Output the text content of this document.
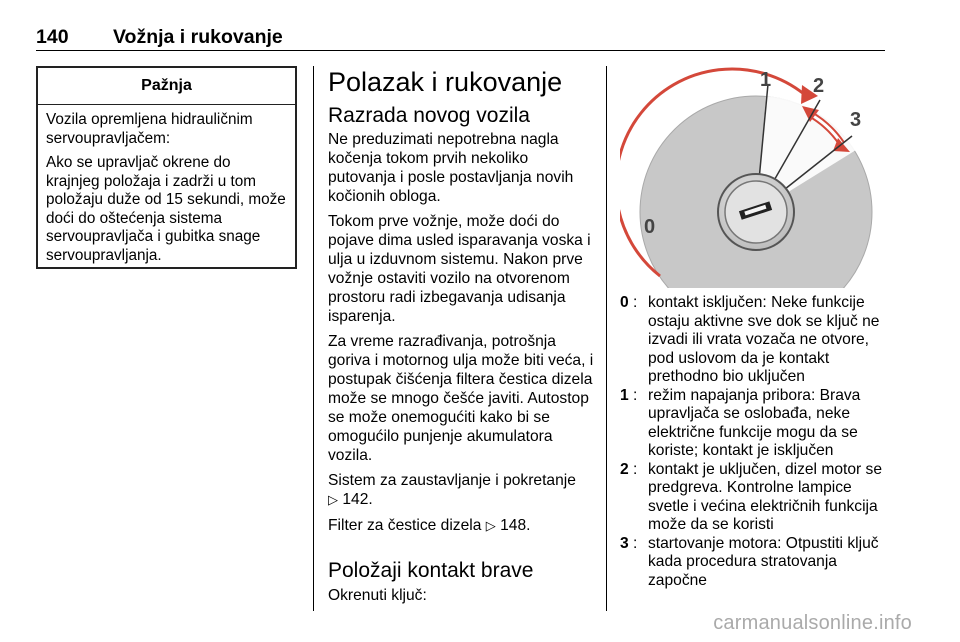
140 Vožnja i rukovanje
Pažnja

Vozila opremljena hidrauličnim servoupravljačem:

Ako se upravljač okrene do krajnjeg položaja i zadrži u tom položaju duže od 15 sekundi, može doći do oštećenja sistema servoupravljača i gubitka snage servoupravljanja.

Polazak i rukovanje
Razrada novog vozila

Ne preduzimati nepotrebna nagla kočenja tokom prvih nekoliko putovanja i posle postavljanja novih kočionih obloga.

Tokom prve vožnje, može doći do pojave dima usled isparavanja voska i ulja u izduvnom sistemu. Nakon prve vožnje ostaviti vozilo na otvorenom prostoru radi izbegavanja udisanja isparenja.

Za vreme razrađivanja, potrošnja goriva i motornog ulja može biti veća, i postupak čišćenja filtera čestica dizela može se mnogo češće javiti. Autostop se može onemogućiti kako bi se omogućilo punjenje akumulatora vozila.

Sistem za zaustavljanje i pokretanje
▷ 142.

Filter za čestice dizela ▷ 148.

Položaji kontakt brave

Okrenuti ključ:

1 2
3
0
0 : kontakt isključen: Neke funkcije ostaju aktivne sve dok se ključ ne izvadi ili vrata vozača ne otvore, pod uslovom da je kontakt prethodno bio uključen
1 : režim napajanja pribora: Brava upravljača se oslobađa, neke električne funkcije mogu da se koriste; kontakt je isključen
2 : kontakt je uključen, dizel motor se predgreva. Kontrolne lampice svetle i većina električnih funkcija može da se koristi
3 : startovanje motora: Otpustiti ključ kada procedura stratovanja započne
carmanualsonline.info
